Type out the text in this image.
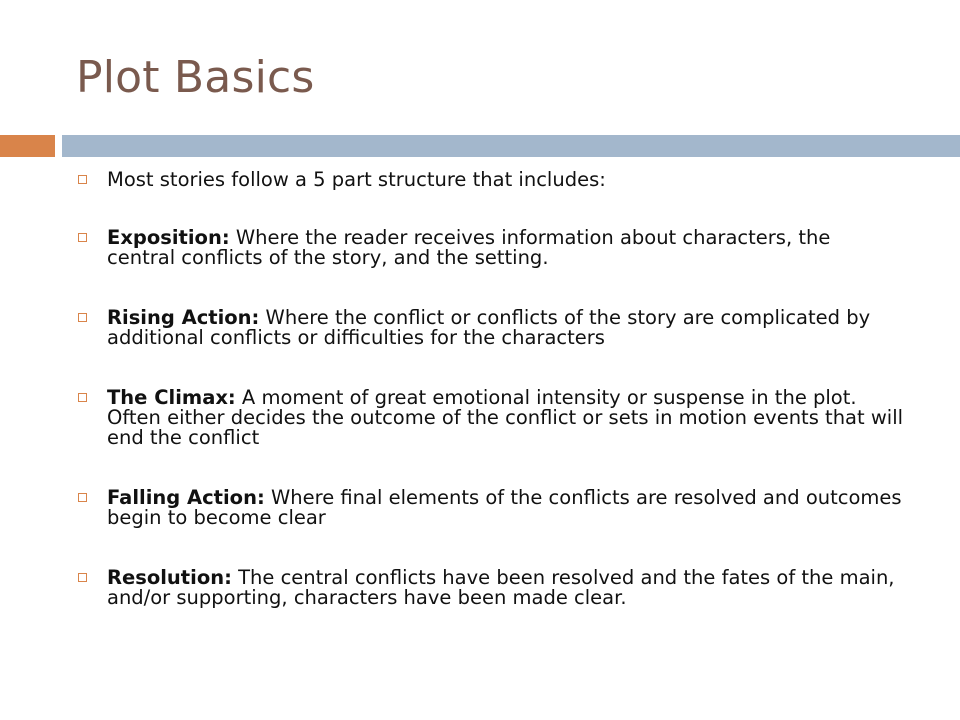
Plot Basics
Most stories follow a 5 part structure that includes:
Exposition: Where the reader receives information about characters, the central conflicts of the story, and the setting.
Rising Action: Where the conflict or conflicts of the story are complicated by additional conflicts or difficulties for the characters
The Climax: A moment of great emotional intensity or suspense in the plot. Often either decides the outcome of the conflict or sets in motion events that will end the conflict
Falling Action: Where final elements of the conflicts are resolved and outcomes begin to become clear
Resolution: The central conflicts have been resolved and the fates of the main, and/or supporting, characters have been made clear.
